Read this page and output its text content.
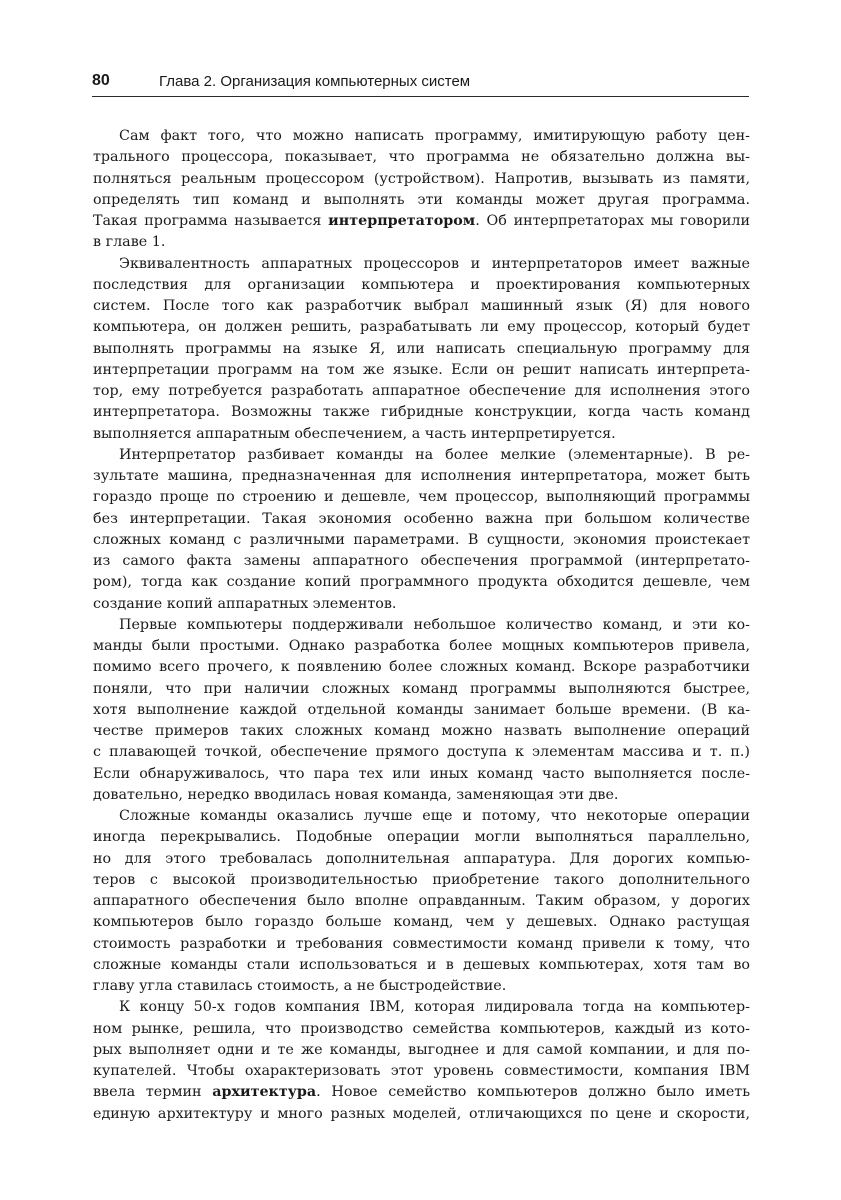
80	Глава 2. Организация компьютерных систем
Сам факт того, что можно написать программу, имитирующую работу цен-
трального процессора, показывает, что программа не обязательно должна вы-
полняться реальным процессором (устройством). Напротив, вызывать из памяти,
определять тип команд и выполнять эти команды может другая программа.
Такая программа называется интерпретатором. Об интерпретаторах мы говорили
в главе 1.
Эквивалентность аппаратных процессоров и интерпретаторов имеет важные
последствия для организации компьютера и проектирования компьютерных
систем. После того как разработчик выбрал машинный язык (Я) для нового
компьютера, он должен решить, разрабатывать ли ему процессор, который будет
выполнять программы на языке Я, или написать специальную программу для
интерпретации программ на том же языке. Если он решит написать интерпрета-
тор, ему потребуется разработать аппаратное обеспечение для исполнения этого
интерпретатора. Возможны также гибридные конструкции, когда часть команд
выполняется аппаратным обеспечением, а часть интерпретируется.
Интерпретатор разбивает команды на более мелкие (элементарные). В ре-
зультате машина, предназначенная для исполнения интерпретатора, может быть
гораздо проще по строению и дешевле, чем процессор, выполняющий программы
без интерпретации. Такая экономия особенно важна при большом количестве
сложных команд с различными параметрами. В сущности, экономия проистекает
из самого факта замены аппаратного обеспечения программой (интерпретато-
ром), тогда как создание копий программного продукта обходится дешевле, чем
создание копий аппаратных элементов.
Первые компьютеры поддерживали небольшое количество команд, и эти ко-
манды были простыми. Однако разработка более мощных компьютеров привела,
помимо всего прочего, к появлению более сложных команд. Вскоре разработчики
поняли, что при наличии сложных команд программы выполняются быстрее,
хотя выполнение каждой отдельной команды занимает больше времени. (В ка-
честве примеров таких сложных команд можно назвать выполнение операций
с плавающей точкой, обеспечение прямого доступа к элементам массива и т. п.)
Если обнаруживалось, что пара тех или иных команд часто выполняется после-
довательно, нередко вводилась новая команда, заменяющая эти две.
Сложные команды оказались лучше еще и потому, что некоторые операции
иногда перекрывались. Подобные операции могли выполняться параллельно,
но для этого требовалась дополнительная аппаратура. Для дорогих компью-
теров с высокой производительностью приобретение такого дополнительного
аппаратного обеспечения было вполне оправданным. Таким образом, у дорогих
компьютеров было гораздо больше команд, чем у дешевых. Однако растущая
стоимость разработки и требования совместимости команд привели к тому, что
сложные команды стали использоваться и в дешевых компьютерах, хотя там во
главу угла ставилась стоимость, а не быстродействие.
К концу 50-х годов компания IBM, которая лидировала тогда на компьютер-
ном рынке, решила, что производство семейства компьютеров, каждый из кото-
рых выполняет одни и те же команды, выгоднее и для самой компании, и для по-
купателей. Чтобы охарактеризовать этот уровень совместимости, компания IBM
ввела термин архитектура. Новое семейство компьютеров должно было иметь
единую архитектуру и много разных моделей, отличающихся по цене и скорости,
